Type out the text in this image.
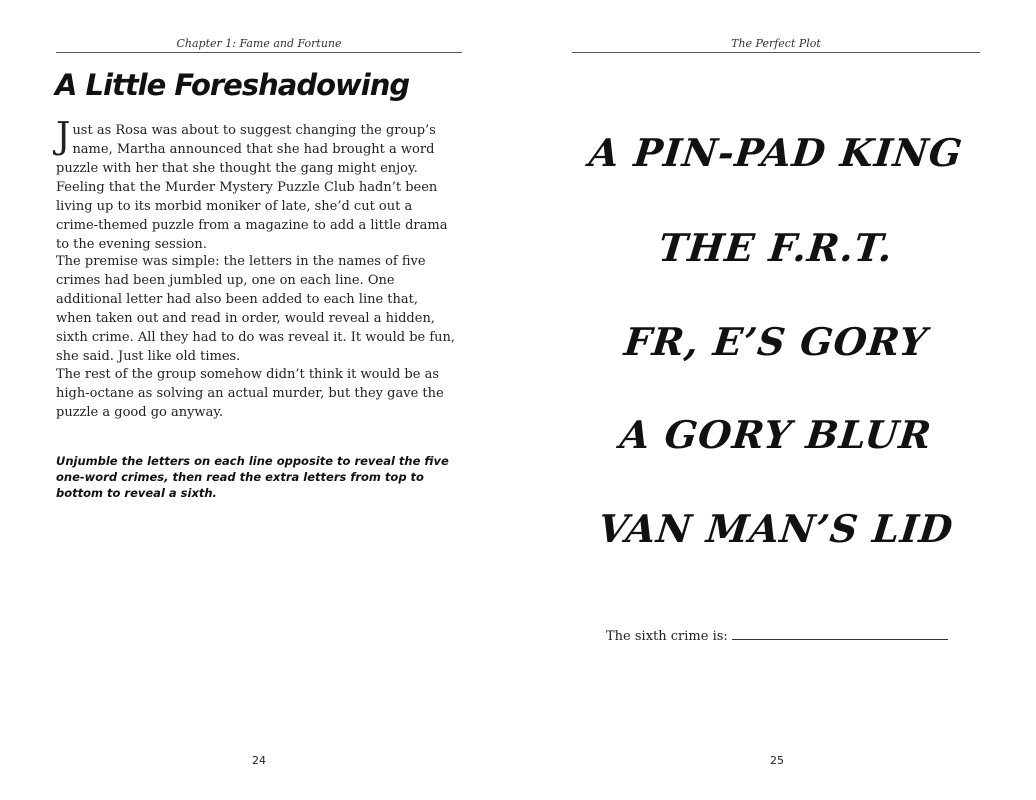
Chapter 1: Fame and Fortune
A Little Foreshadowing

Just as Rosa was about to suggest changing the group’s name, Martha announced that she had brought a word puzzle with her that she thought the gang might enjoy. Feeling that the Murder Mystery Puzzle Club hadn’t been living up to its morbid moniker of late, she’d cut out a crime-themed puzzle from a magazine to add a little drama to the evening session.

The premise was simple: the letters in the names of five crimes had been jumbled up, one on each line. One additional letter had also been added to each line that, when taken out and read in order, would reveal a hidden, sixth crime. All they had to do was reveal it. It would be fun, she said. Just like old times.

The rest of the group somehow didn’t think it would be as high-octane as solving an actual murder, but they gave the puzzle a good go anyway.

Unjumble the letters on each line opposite to reveal the five one-word crimes, then read the extra letters from top to bottom to reveal a sixth.

24
The Perfect Plot
A PIN-PAD KING
THE F.R.T.
FR, E’S GORY
A GORY BLUR
VAN MAN’S LID
The sixth crime is:
25
